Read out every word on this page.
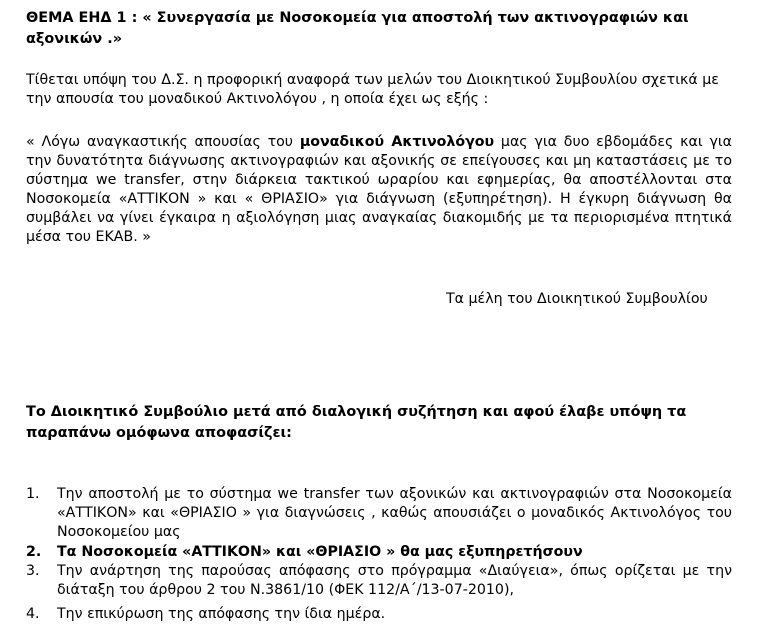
ΘΕΜΑ ΕΗΔ 1 : « Συνεργασία με Νοσοκομεία για αποστολή των ακτινογραφιών και αξονικών .»
Τίθεται υπόψη του Δ.Σ. η προφορική αναφορά των μελών του Διοικητικού Συμβουλίου σχετικά με την απουσία του μοναδικού Ακτινολόγου , η οποία έχει ως εξής :
« Λόγω αναγκαστικής απουσίας του μοναδικού Ακτινολόγου μας για δυο εβδομάδες και για την δυνατότητα διάγνωσης ακτινογραφιών και αξονικής σε επείγουσες και μη καταστάσεις με το σύστημα we transfer, στην διάρκεια τακτικού ωραρίου και εφημερίας, θα αποστέλλονται στα Νοσοκομεία «ΑΤΤΙΚΟΝ » και « ΘΡΙΑΣΙΟ» για διάγνωση (εξυπηρέτηση). Η έγκυρη διάγνωση θα συμβάλει να γίνει έγκαιρα η αξιολόγηση μιας αναγκαίας διακομιδής με τα περιορισμένα πτητικά μέσα του ΕΚΑΒ. »
Τα μέλη του Διοικητικού Συμβουλίου
Το Διοικητικό Συμβούλιο μετά από διαλογική συζήτηση και αφού έλαβε υπόψη τα παραπάνω ομόφωνα αποφασίζει:
1. Την αποστολή με το σύστημα we transfer των αξονικών και ακτινογραφιών στα Νοσοκομεία «ΑΤΤΙΚΟΝ» και «ΘΡΙΑΣΙΟ » για διαγνώσεις , καθώς απουσιάζει ο μοναδικός Ακτινολόγος του Νοσοκομείου μας
2. Τα Νοσοκομεία «ΑΤΤΙΚΟΝ» και «ΘΡΙΑΣΙΟ » θα μας εξυπηρετήσουν
3. Την ανάρτηση της παρούσας απόφασης στο πρόγραμμα «Διαύγεια», όπως ορίζεται με την διάταξη του άρθρου 2 του Ν.3861/10 (ΦΕΚ 112/Α΄/13-07-2010),
4. Την επικύρωση της απόφασης την ίδια ημέρα.
